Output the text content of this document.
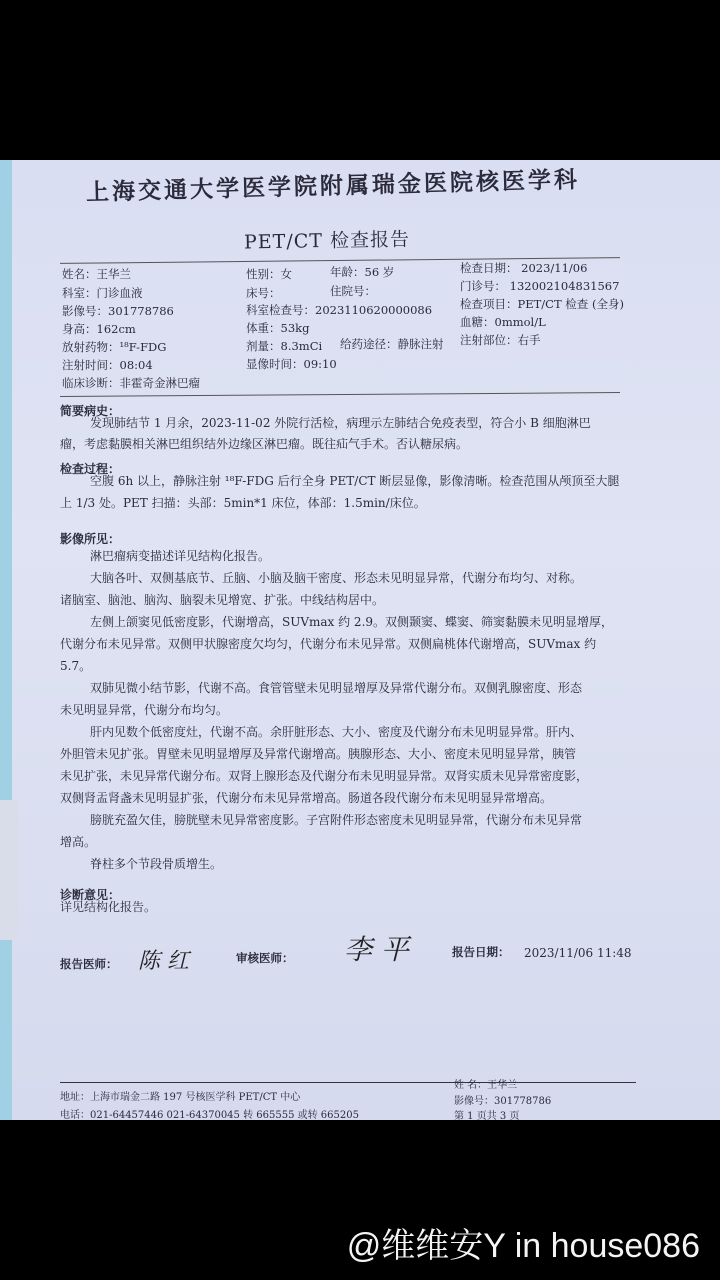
上海交通大学医学院附属瑞金医院核医学科
PET/CT 检查报告
姓名：王华兰	性别：女	年龄：56 岁	检查日期： 2023/11/06
科室：门诊血液	床号：	住院号：	门诊号： 132002104831567
影像号：301778786	科室检查号：2023110620000086 检查项目：PET/CT 检查 (全身)
身高：162cm	体重：53kg	血糖：0mmol/L
放射药物：¹⁸F-FDG	剂量：8.3mCi 给药途径：静脉注射 注射部位：右手
注射时间：08:04	显像时间：09:10
临床诊断：非霍奇金淋巴瘤
简要病史：
发现肺结节 1 月余，2023-11-02 外院行活检，病理示左肺结合免疫表型，符合小 B 细胞淋巴
瘤，考虑黏膜相关淋巴组织结外边缘区淋巴瘤。既往疝气手术。否认糖尿病。
检查过程：
空腹 6h 以上，静脉注射 ¹⁸F-FDG 后行全身 PET/CT 断层显像，影像清晰。检查范围从颅顶至大腿
上 1/3 处。PET 扫描：头部：5min*1 床位，体部：1.5min/床位。
影像所见：
淋巴瘤病变描述详见结构化报告。
大脑各叶、双侧基底节、丘脑、小脑及脑干密度、形态未见明显异常，代谢分布均匀、对称。
诸脑室、脑池、脑沟、脑裂未见增宽、扩张。中线结构居中。
左侧上颌窦见低密度影，代谢增高，SUVmax 约 2.9。双侧颞窦、蝶窦、筛窦黏膜未见明显增厚，
代谢分布未见异常。双侧甲状腺密度欠均匀，代谢分布未见异常。双侧扁桃体代谢增高，SUVmax 约
5.7。
双肺见微小结节影，代谢不高。食管管壁未见明显增厚及异常代谢分布。双侧乳腺密度、形态
未见明显异常，代谢分布均匀。
肝内见数个低密度灶，代谢不高。余肝脏形态、大小、密度及代谢分布未见明显异常。肝内、
外胆管未见扩张。胃壁未见明显增厚及异常代谢增高。胰腺形态、大小、密度未见明显异常，胰管
未见扩张，未见异常代谢分布。双肾上腺形态及代谢分布未见明显异常。双肾实质未见异常密度影，
双侧肾盂肾盏未见明显扩张，代谢分布未见异常增高。肠道各段代谢分布未见明显异常增高。
膀胱充盈欠佳，膀胱壁未见异常密度影。子宫附件形态密度未见明显异常，代谢分布未见异常
增高。
脊柱多个节段骨质增生。
诊断意见：
详见结构化报告。
报告医师： 陈 红	审核医师： 李 平	报告日期： 2023/11/06 11:48
地址：上海市瑞金二路 197 号核医学科 PET/CT 中心
电话：021-64457446 021-64370045 转 665555 或转 665205
姓 名：王华兰
影像号：301778786
第 1 页共 3 页
@维维安Y in house086
